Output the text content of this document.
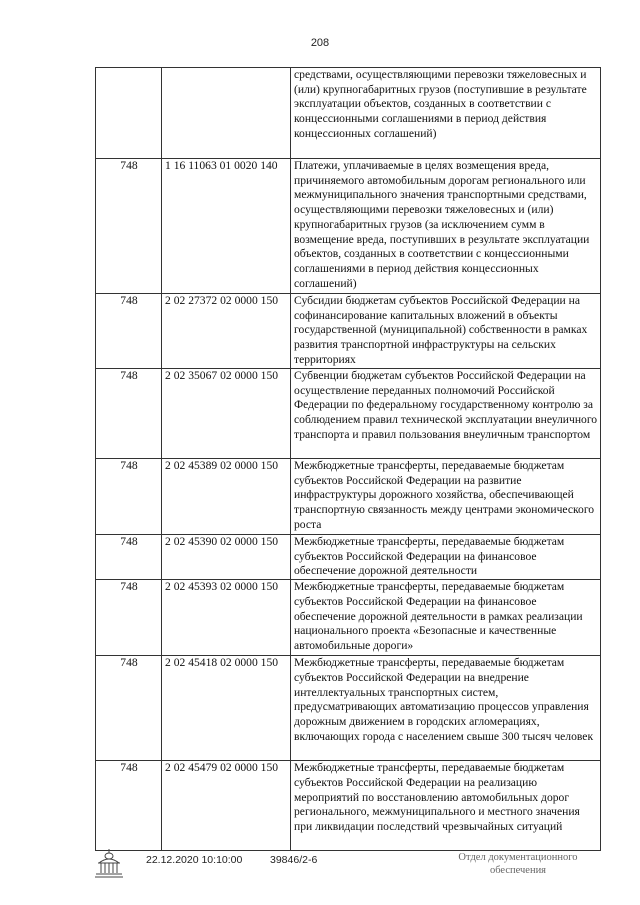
208
		средствами, осуществляющими перевозки тяжеловесных и (или) крупногабаритных грузов (поступившие в результате эксплуатации объектов, созданных в соответствии с концессионными соглашениями в период действия концессионных соглашений)
748	1 16 11063 01 0020 140	Платежи, уплачиваемые в целях возмещения вреда, причиняемого автомобильным дорогам регионального или межмуниципального значения транспортными средствами, осуществляющими перевозки тяжеловесных и (или) крупногабаритных грузов (за исключением сумм в возмещение вреда, поступивших в результате эксплуатации объектов, созданных в соответствии с концессионными соглашениями в период действия концессионных соглашений)
748	2 02 27372 02 0000 150	Субсидии бюджетам субъектов Российской Федерации на софинансирование капитальных вложений в объекты государственной (муниципальной) собственности в рамках развития транспортной инфраструктуры на сельских территориях
748	2 02 35067 02 0000 150	Субвенции бюджетам субъектов Российской Федерации на осуществление переданных полномочий Российской Федерации по федеральному государственному контролю за соблюдением правил технической эксплуатации внеуличного транспорта и правил пользования внеуличным транспортом
748	2 02 45389 02 0000 150	Межбюджетные трансферты, передаваемые бюджетам субъектов Российской Федерации на развитие инфраструктуры дорожного хозяйства, обеспечивающей транспортную связанность между центрами экономического роста
748	2 02 45390 02 0000 150	Межбюджетные трансферты, передаваемые бюджетам субъектов Российской Федерации на финансовое обеспечение дорожной деятельности
748	2 02 45393 02 0000 150	Межбюджетные трансферты, передаваемые бюджетам субъектов Российской Федерации на финансовое обеспечение дорожной деятельности в рамках реализации национального проекта «Безопасные и качественные автомобильные дороги»
748	2 02 45418 02 0000 150	Межбюджетные трансферты, передаваемые бюджетам субъектов Российской Федерации на внедрение интеллектуальных транспортных систем, предусматривающих автоматизацию процессов управления дорожным движением в городских агломерациях, включающих города с населением свыше 300 тысяч человек
748	2 02 45479 02 0000 150	Межбюджетные трансферты, передаваемые бюджетам субъектов Российской Федерации на реализацию мероприятий по восстановлению автомобильных дорог регионального, межмуниципального и местного значения при ликвидации последствий чрезвычайных ситуаций
22.12.2020 10:10:00	39846/2-6	Отдел документационного
обеспечения
